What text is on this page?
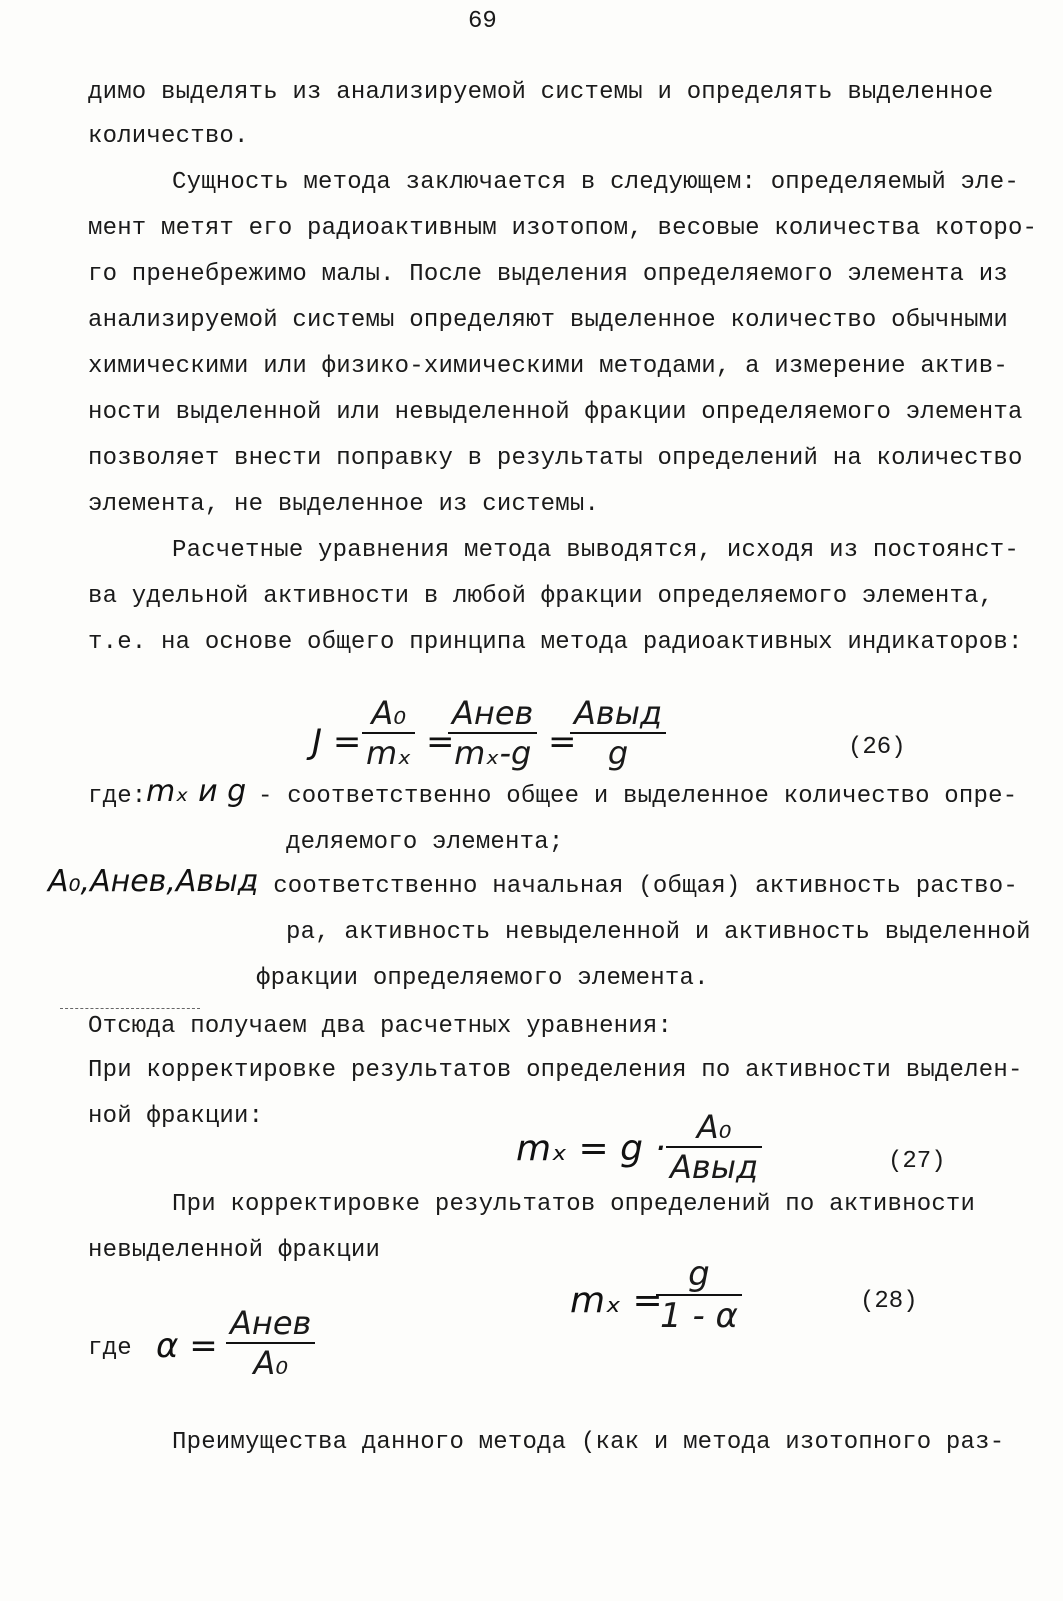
69
димо выделять из анализируемой системы и определять выделенное
количество.
Сущность метода заключается в следующем: определяемый эле-
мент метят его радиоактивным изотопом, весовые количества которо-
го пренебрежимо малы. После выделения определяемого элемента из
анализируемой системы определяют выделенное количество обычными
химическими или физико-химическими методами, а измерение актив-
ности выделенной или невыделенной фракции определяемого элемента
позволяет внести поправку в результаты определений на количество
элемента, не выделенное из системы.
Расчетные уравнения метода выводятся, исходя из постоянст-
ва удельной активности в любой фракции определяемого элемента,
т.е. на основе общего принципа метода радиоактивных индикаторов:
J =
A₀
mₓ =
Aнев
mₓ-g =
Aвыд
g	(26)
где: mₓ и g - соответственно общее и выделенное количество опре-
деляемого элемента;
A₀,Aнев,Aвыд
- соответственно начальная (общая) активность раство-
ра, активность невыделенной и активность выделенной
фракции определяемого элемента.
Отсюда получаем два расчетных уравнения:
При корректировке результатов определения по активности выделен-
ной фракции:
mₓ = g ·
A₀
Aвыд	(27)
При корректировке результатов определений по активности
невыделенной фракции
mₓ =
g
1 - α	(28)
где α =
Aнев
A₀
Преимущества данного метода (как и метода изотопного раз-
